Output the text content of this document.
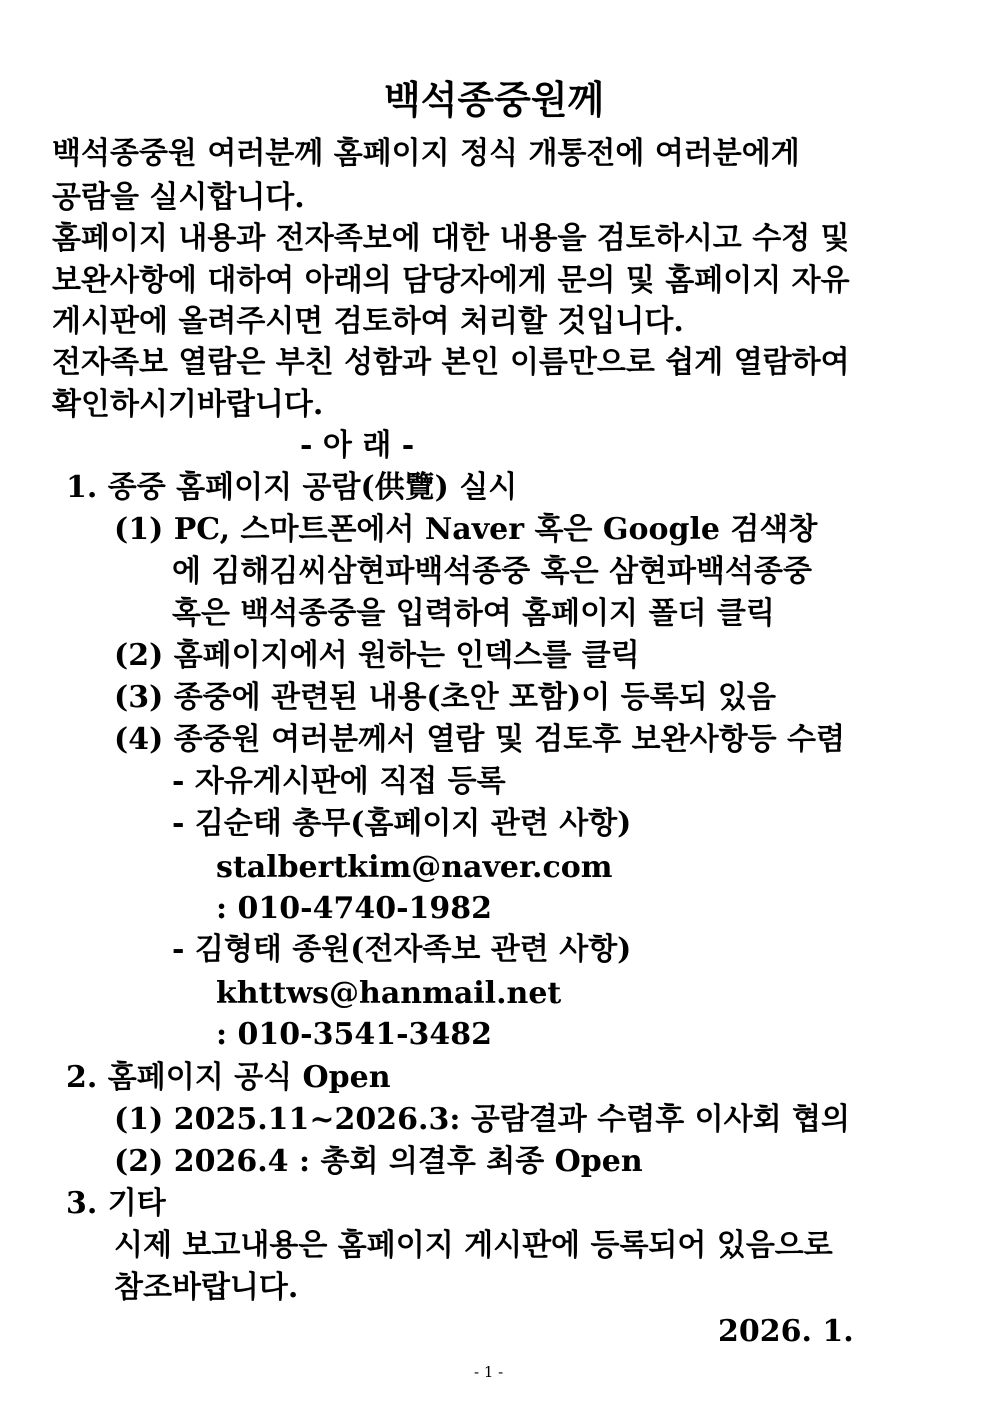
백석종중원께
백석종중원 여러분께 홈페이지 정식 개통전에 여러분에게
공람을 실시합니다.
홈페이지 내용과 전자족보에 대한 내용을 검토하시고 수정 및
보완사항에 대하여 아래의 담당자에게 문의 및 홈페이지 자유
게시판에 올려주시면 검토하여 처리할 것입니다.
전자족보 열람은 부친 성함과 본인 이름만으로 쉽게 열람하여
확인하시기바랍니다.
- 아 래 -
1. 종중 홈페이지 공람(供覽) 실시
(1) PC, 스마트폰에서 Naver 혹은 Google 검색창
에 김해김씨삼현파백석종중 혹은 삼현파백석종중
혹은 백석종중을 입력하여 홈페이지 폴더 클릭
(2) 홈페이지에서 원하는 인덱스를 클릭
(3) 종중에 관련된 내용(초안 포함)이 등록되 있음
(4) 종중원 여러분께서 열람 및 검토후 보완사항등 수렴
- 자유게시판에 직접 등록
- 김순태 총무(홈페이지 관련 사항)
stalbertkim@naver.com
: 010-4740-1982
- 김형태 종원(전자족보 관련 사항)
khttws@hanmail.net
: 010-3541-3482
2. 홈페이지 공식 Open
(1) 2025.11~2026.3: 공람결과 수렴후 이사회 협의
(2) 2026.4 : 총회 의결후 최종 Open
3. 기타
시제 보고내용은 홈페이지 게시판에 등록되어 있음으로
참조바랍니다.
2026. 1.
- 1 -
